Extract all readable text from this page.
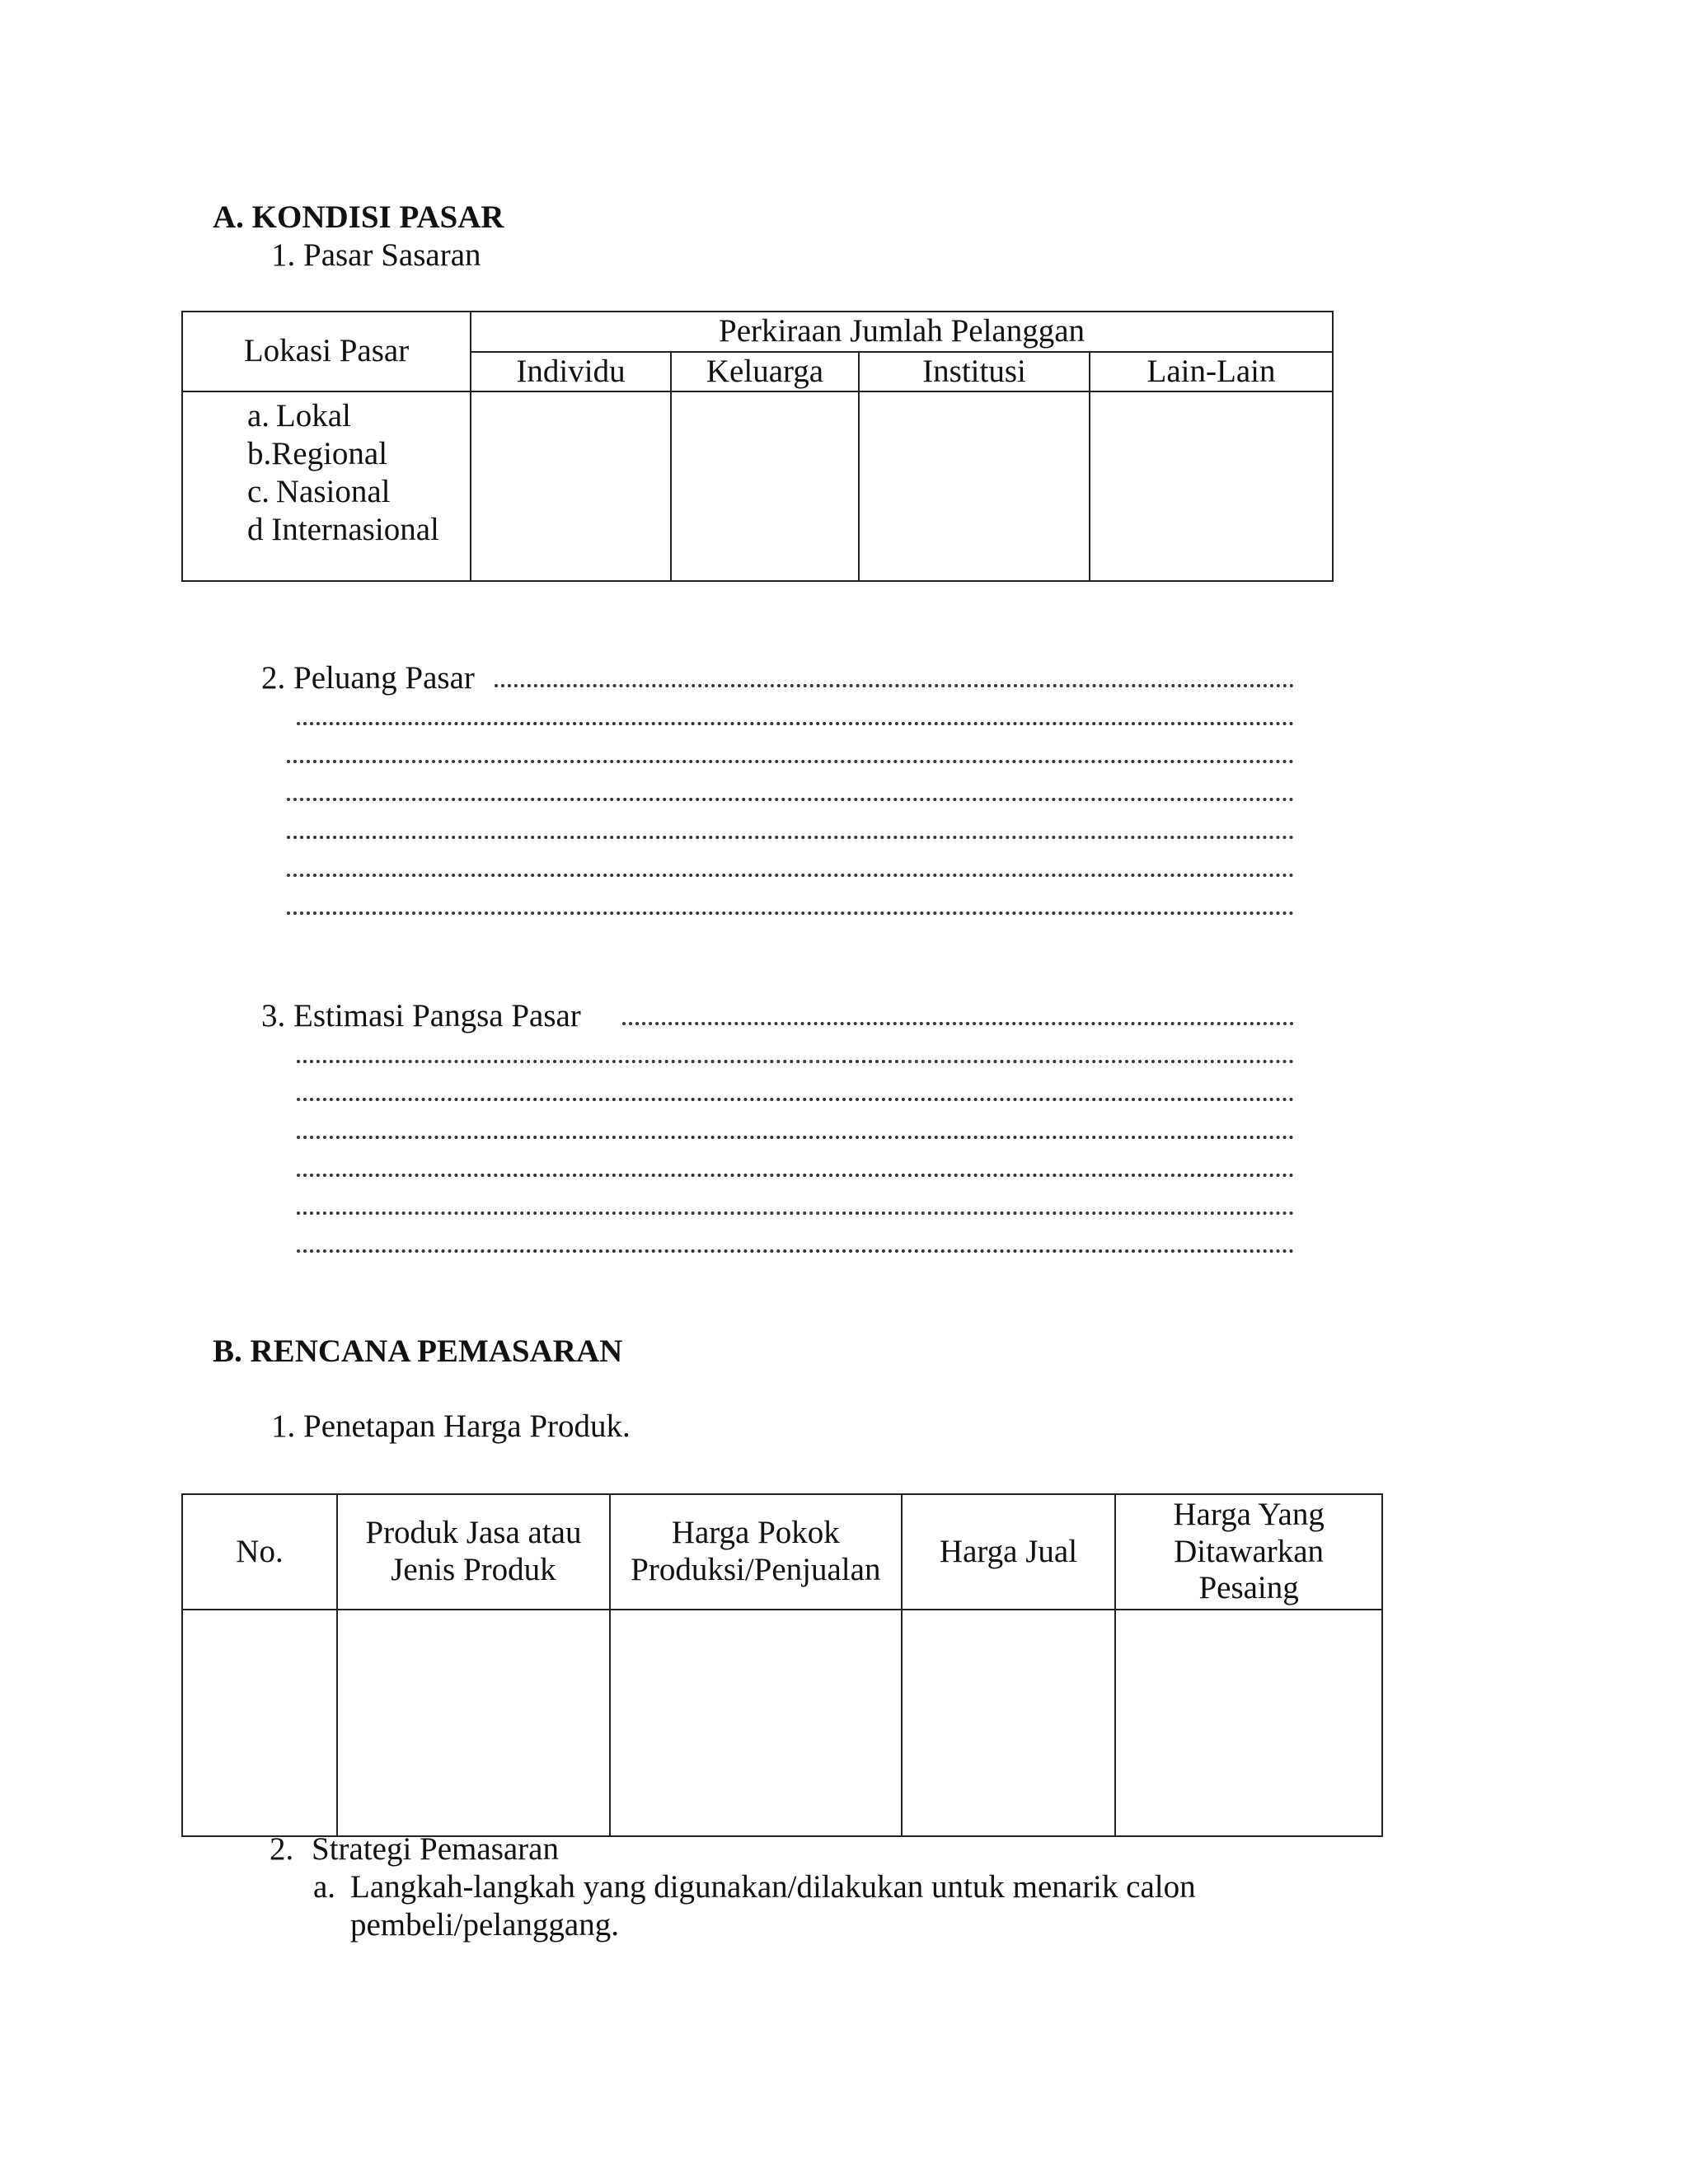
A. KONDISI PASAR
1. Pasar Sasaran
Lokasi Pasar	Perkiraan Jumlah Pelanggan			
	Individu	Keluarga	Institusi	Lain-Lain

a. Lokal
b.Regional
c. Nasional
d Internasional				

2. Peluang Pasar
3. Estimasi Pangsa Pasar
B. RENCANA PEMASARAN
1. Penetapan Harga Produk.
No.	Produk Jasa atau Jenis Produk	Harga Pokok Produksi/Penjualan	Harga Jual	Harga Yang Ditawarkan Pesaing

2. Strategi Pemasaran
a. Langkah-langkah yang digunakan/dilakukan untuk menarik calon
pembeli/pelanggang.
